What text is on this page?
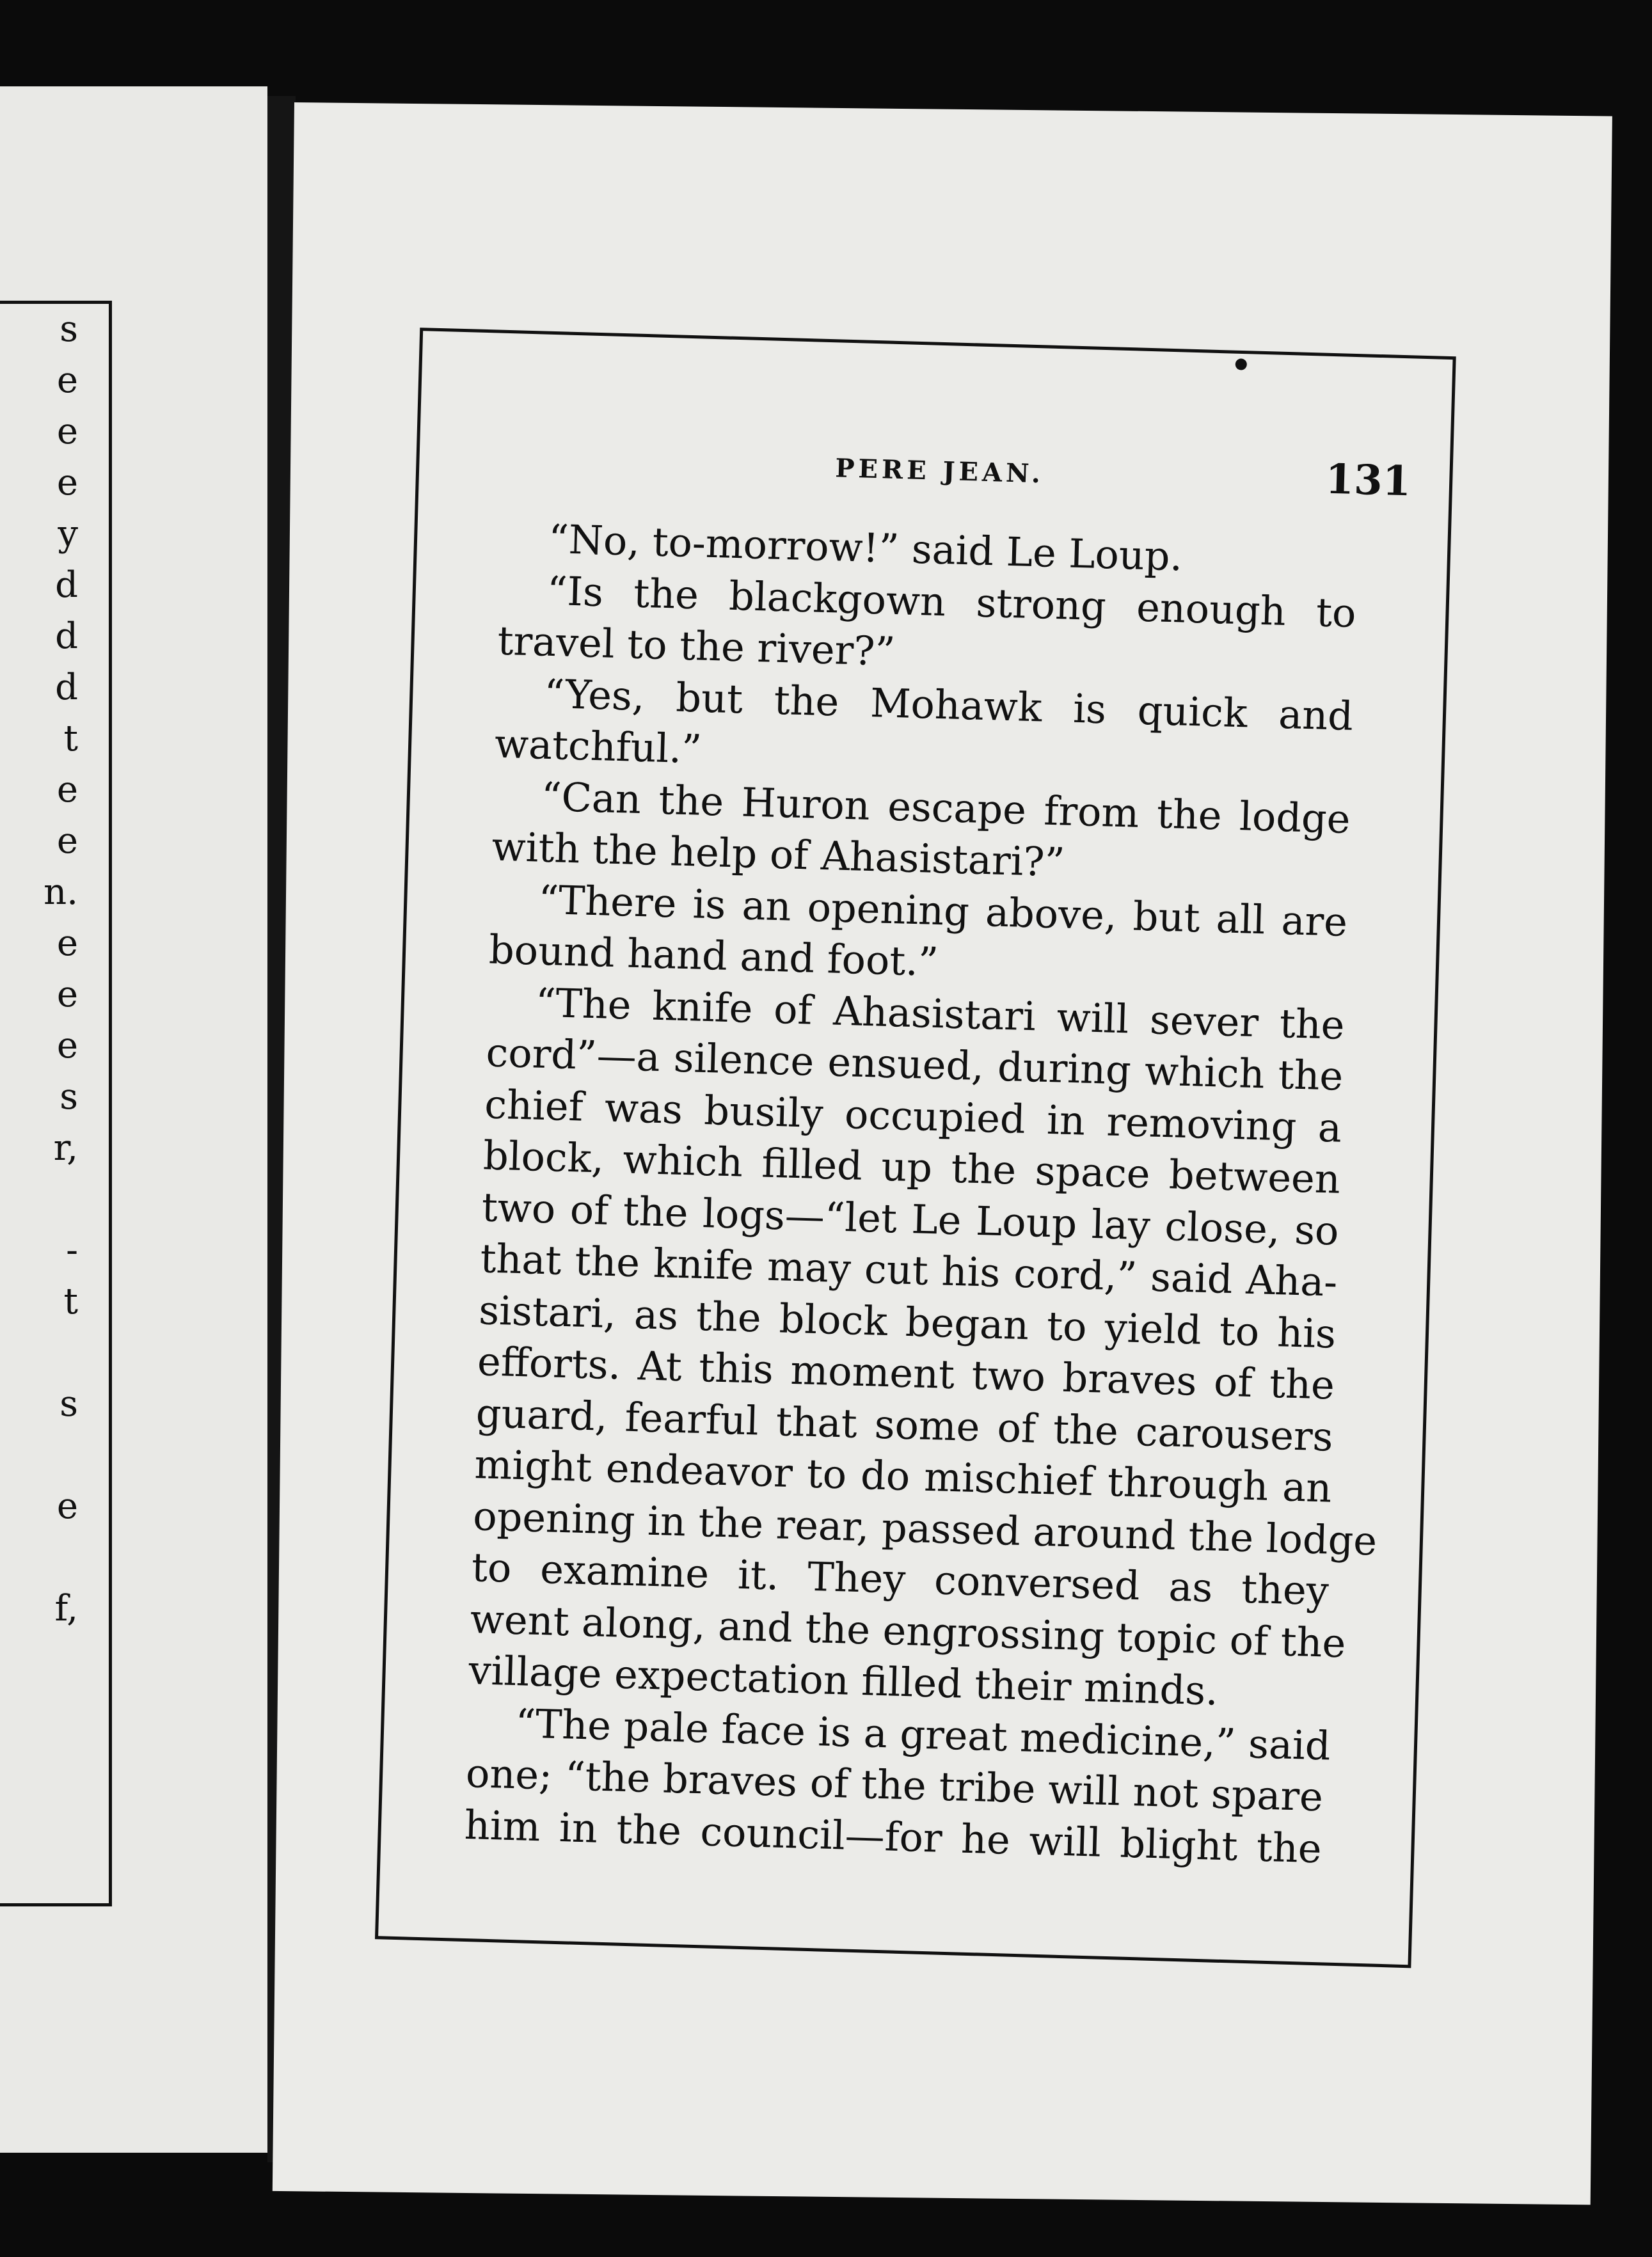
s
e
e
e
y
d
d
d
t
e
e
n.
e
e
e
s
r,
-
t
s
e
f,
PERE JEAN.	131
“No, to-morrow!” said Le Loup.
“Is the blackgown strong enough to
travel to the river?”
“Yes, but the Mohawk is quick and
watchful.”
“Can the Huron escape from the lodge
with the help of Ahasistari?”
“There is an opening above, but all are
bound hand and foot.”
“The knife of Ahasistari will sever the
cord”—a silence ensued, during which the
chief was busily occupied in removing a
block, which filled up the space between
two of the logs—“let Le Loup lay close, so
that the knife may cut his cord,” said Aha-
sistari, as the block began to yield to his
efforts. At this moment two braves of the
guard, fearful that some of the carousers
might endeavor to do mischief through an
opening in the rear, passed around the lodge
to examine it. They conversed as they
went along, and the engrossing topic of the
village expectation filled their minds.
“The pale face is a great medicine,” said
one; “the braves of the tribe will not spare
him in the council—for he will blight the
